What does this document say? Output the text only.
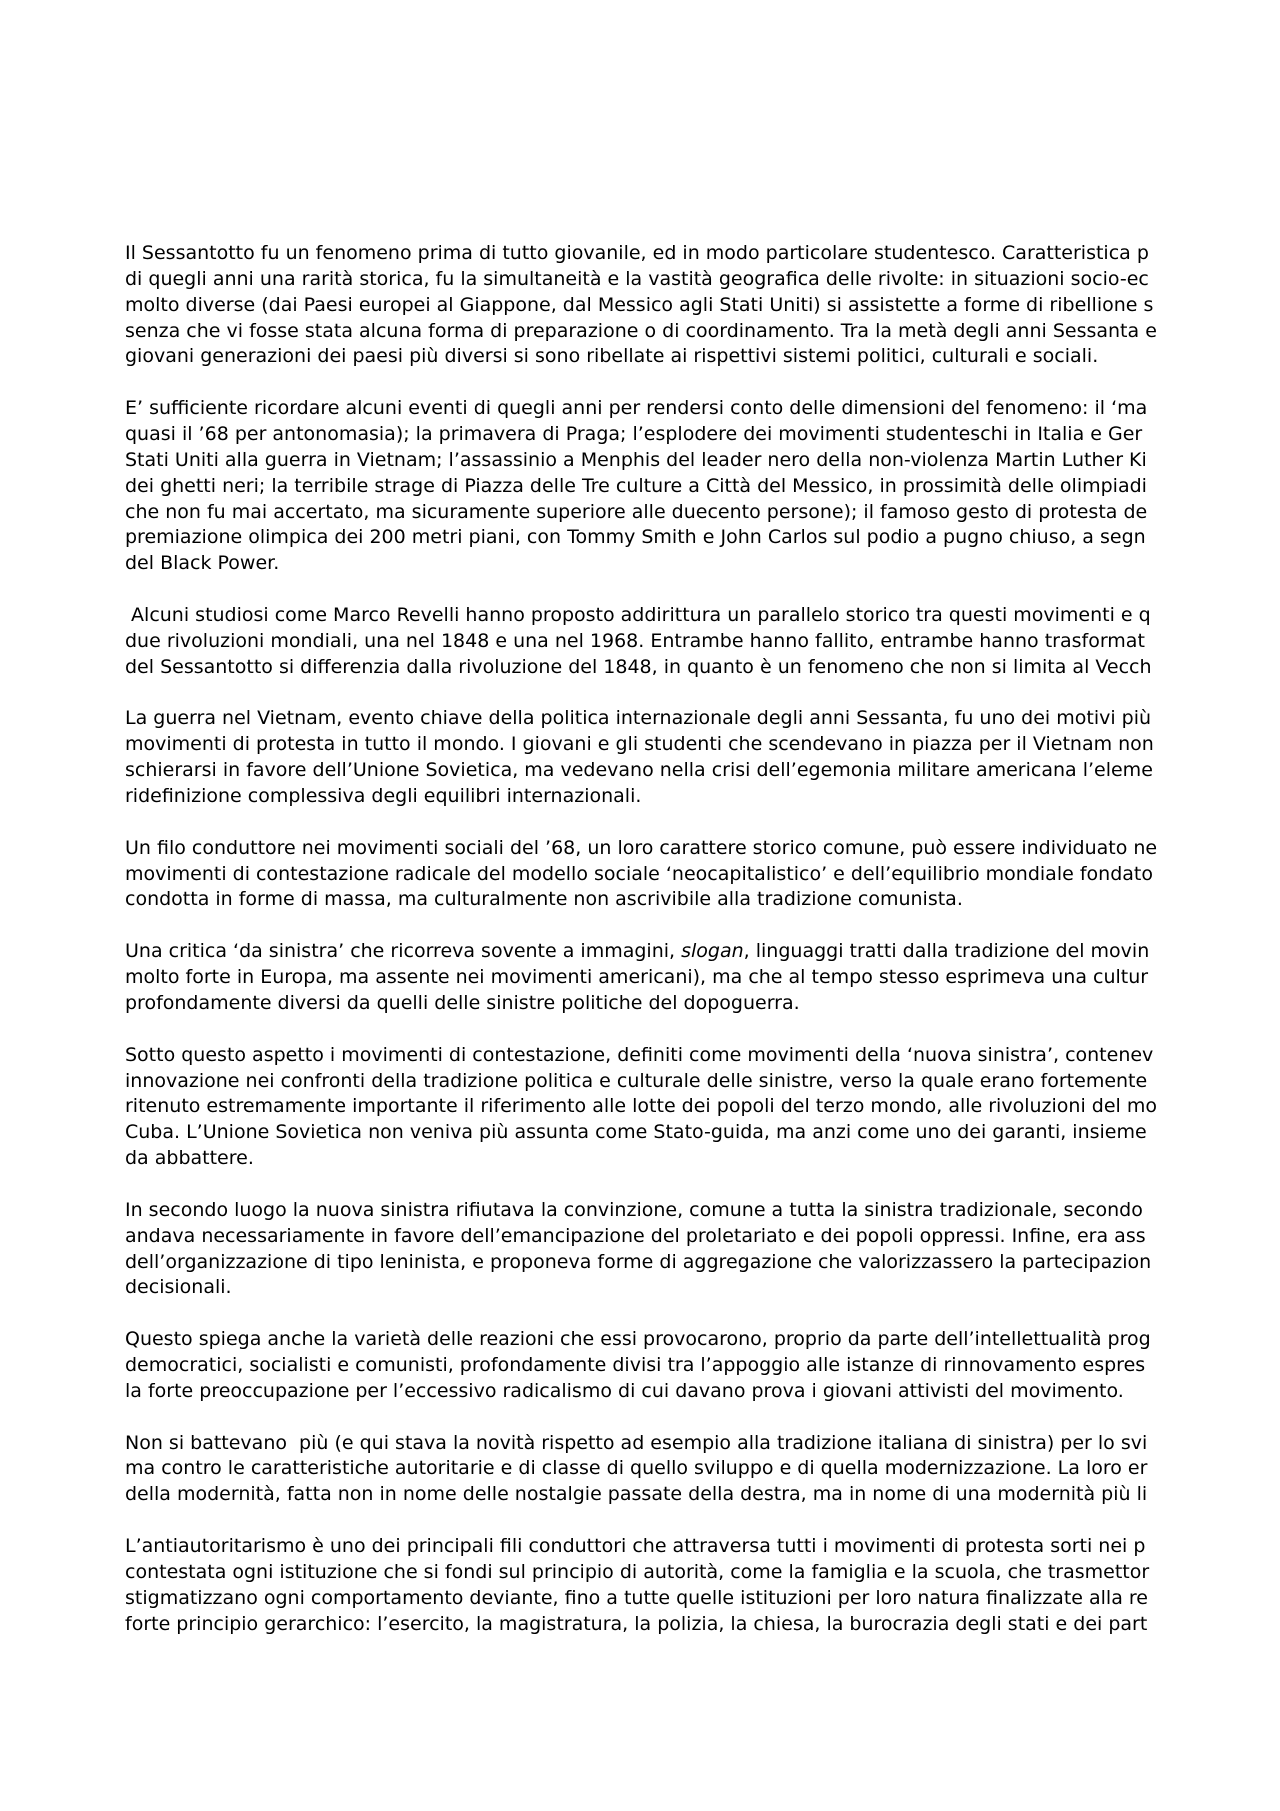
Il Sessantotto fu un fenomeno prima di tutto giovanile, ed in modo particolare studentesco. Caratteristica p
di quegli anni una rarità storica, fu la simultaneità e la vastità geografica delle rivolte: in situazioni socio-ec
molto diverse (dai Paesi europei al Giappone, dal Messico agli Stati Uniti) si assistette a forme di ribellione s
senza che vi fosse stata alcuna forma di preparazione o di coordinamento. Tra la metà degli anni Sessanta e
giovani generazioni dei paesi più diversi si sono ribellate ai rispettivi sistemi politici, culturali e sociali.

E’ sufficiente ricordare alcuni eventi di quegli anni per rendersi conto delle dimensioni del fenomeno: il ‘ma
quasi il ’68 per antonomasia); la primavera di Praga; l’esplodere dei movimenti studenteschi in Italia e Ger
Stati Uniti alla guerra in Vietnam; l’assassinio a Menphis del leader nero della non-violenza Martin Luther Ki
dei ghetti neri; la terribile strage di Piazza delle Tre culture a Città del Messico, in prossimità delle olimpiadi
che non fu mai accertato, ma sicuramente superiore alle duecento persone); il famoso gesto di protesta de
premiazione olimpica dei 200 metri piani, con Tommy Smith e John Carlos sul podio a pugno chiuso, a segn
del Black Power.

Alcuni studiosi come Marco Revelli hanno proposto addirittura un parallelo storico tra questi movimenti e q
due rivoluzioni mondiali, una nel 1848 e una nel 1968. Entrambe hanno fallito, entrambe hanno trasformat
del Sessantotto si differenzia dalla rivoluzione del 1848, in quanto è un fenomeno che non si limita al Vecch

La guerra nel Vietnam, evento chiave della politica internazionale degli anni Sessanta, fu uno dei motivi più
movimenti di protesta in tutto il mondo. I giovani e gli studenti che scendevano in piazza per il Vietnam non
schierarsi in favore dell’Unione Sovietica, ma vedevano nella crisi dell’egemonia militare americana l’eleme
ridefinizione complessiva degli equilibri internazionali.

Un filo conduttore nei movimenti sociali del ’68, un loro carattere storico comune, può essere individuato ne
movimenti di contestazione radicale del modello sociale ‘neocapitalistico’ e dell’equilibrio mondiale fondato
condotta in forme di massa, ma culturalmente non ascrivibile alla tradizione comunista.

Una critica ‘da sinistra’ che ricorreva sovente a immagini, slogan, linguaggi tratti dalla tradizione del movin
molto forte in Europa, ma assente nei movimenti americani), ma che al tempo stesso esprimeva una cultur
profondamente diversi da quelli delle sinistre politiche del dopoguerra.

Sotto questo aspetto i movimenti di contestazione, definiti come movimenti della ‘nuova sinistra’, contenev
innovazione nei confronti della tradizione politica e culturale delle sinistre, verso la quale erano fortemente
ritenuto estremamente importante il riferimento alle lotte dei popoli del terzo mondo, alle rivoluzioni del mo
Cuba. L’Unione Sovietica non veniva più assunta come Stato-guida, ma anzi come uno dei garanti, insieme
da abbattere.

In secondo luogo la nuova sinistra rifiutava la convinzione, comune a tutta la sinistra tradizionale, secondo
andava necessariamente in favore dell’emancipazione del proletariato e dei popoli oppressi. Infine, era ass
dell’organizzazione di tipo leninista, e proponeva forme di aggregazione che valorizzassero la partecipazion
decisionali.

Questo spiega anche la varietà delle reazioni che essi provocarono, proprio da parte dell’intellettualità prog
democratici, socialisti e comunisti, profondamente divisi tra l’appoggio alle istanze di rinnovamento espres
la forte preoccupazione per l’eccessivo radicalismo di cui davano prova i giovani attivisti del movimento.

Non si battevano  più (e qui stava la novità rispetto ad esempio alla tradizione italiana di sinistra) per lo svi
ma contro le caratteristiche autoritarie e di classe di quello sviluppo e di quella modernizzazione. La loro er
della modernità, fatta non in nome delle nostalgie passate della destra, ma in nome di una modernità più li

L’antiautoritarismo è uno dei principali fili conduttori che attraversa tutti i movimenti di protesta sorti nei p
contestata ogni istituzione che si fondi sul principio di autorità, come la famiglia e la scuola, che trasmettor
stigmatizzano ogni comportamento deviante, fino a tutte quelle istituzioni per loro natura finalizzate alla re
forte principio gerarchico: l’esercito, la magistratura, la polizia, la chiesa, la burocrazia degli stati e dei part
